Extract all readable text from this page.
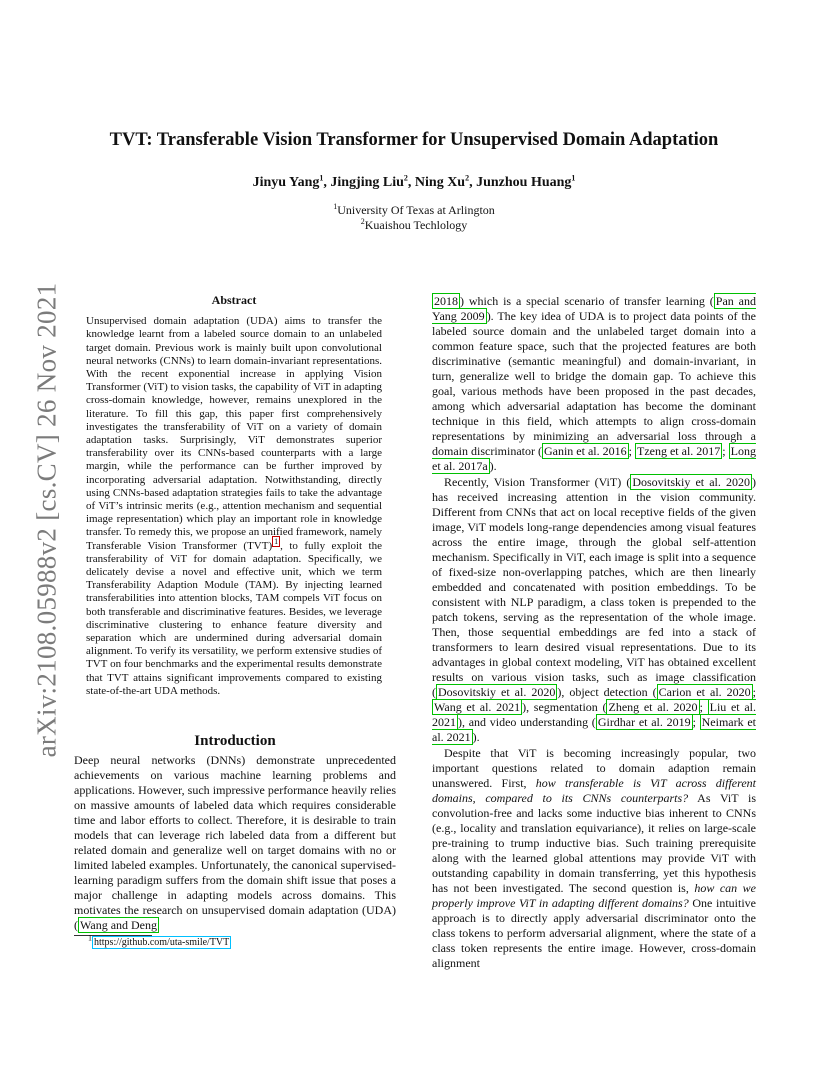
TVT: Transferable Vision Transformer for Unsupervised Domain Adaptation
Jinyu Yang$^1$, Jingjing Liu$^2$, Ning Xu$^2$, Junzhou Huang$^1$
$^1$University Of Texas at Arlington
$^2$Kuaishou Techlology
arXiv:2108.05988v2 [cs.CV] 26 Nov 2021	Abstract

Unsupervised domain adaptation (UDA) aims to transfer the knowledge learnt from a labeled source domain to an unlabeled target domain. Previous work is mainly built upon convolutional neural networks (CNNs) to learn domain-invariant representations. With the recent exponential increase in applying Vision Transformer (ViT) to vision tasks, the capability of ViT in adapting cross-domain knowledge, however, remains unexplored in the literature. To fill this gap, this paper first comprehensively investigates the transferability of ViT on a variety of domain adaptation tasks. Surprisingly, ViT demonstrates superior transferability over its CNNs-based counterparts with a large margin, while the performance can be further improved by incorporating adversarial adaptation. Notwithstanding, directly using CNNs-based adaptation strategies fails to take the advantage of ViT’s intrinsic merits (e.g., attention mechanism and sequential image representation) which play an important role in knowledge transfer. To remedy this, we propose an unified framework, namely Transferable Vision Transformer (TVT) $^1$ , to fully exploit the transferability of ViT for domain adaptation. Specifically, we delicately devise a novel and effective unit, which we term Transferability Adaption Module (TAM). By injecting learned transferabilities into attention blocks, TAM compels ViT focus on both transferable and discriminative features. Besides, we leverage discriminative clustering to enhance feature diversity and separation which are undermined during adversarial domain alignment. To verify its versatility, we perform extensive studies of TVT on four benchmarks and the experimental results demonstrate that TVT attains significant improvements compared to existing state-of-the-art UDA methods.

Introduction

Deep neural networks (DNNs) demonstrate unprecedented achievements on various machine learning problems and applications. However, such impressive performance heavily relies on massive amounts of labeled data which requires considerable time and labor efforts to collect. Therefore, it is desirable to train models that can leverage rich labeled data from a different but related domain and generalize well on target domains with no or limited labeled examples. Unfortunately, the canonical supervised-learning paradigm suffers from the domain shift issue that poses a major challenge in adapting models across domains. This motivates the research on unsupervised domain adaptation (UDA) ( Wang and Deng

$^1$ https://github.com/uta-smile/TVT

2018 ) which is a special scenario of transfer learning ( Pan and Yang 2009 ). The key idea of UDA is to project data points of the labeled source domain and the unlabeled target domain into a common feature space, such that the projected features are both discriminative (semantic meaningful) and domain-invariant, in turn, generalize well to bridge the domain gap. To achieve this goal, various methods have been proposed in the past decades, among which adversarial adaptation has become the dominant technique in this field, which attempts to align cross-domain representations by minimizing an adversarial loss through a domain discriminator ( Ganin et al. 2016 ; Tzeng et al. 2017 ; Long et al. 2017a ).

Recently, Vision Transformer (ViT) ( Dosovitskiy et al. 2020 ) has received increasing attention in the vision community. Different from CNNs that act on local receptive fields of the given image, ViT models long-range dependencies among visual features across the entire image, through the global self-attention mechanism. Specifically in ViT, each image is split into a sequence of fixed-size non-overlapping patches, which are then linearly embedded and concatenated with position embeddings. To be consistent with NLP paradigm, a class token is prepended to the patch tokens, serving as the representation of the whole image. Then, those sequential embeddings are fed into a stack of transformers to learn desired visual representations. Due to its advantages in global context modeling, ViT has obtained excellent results on various vision tasks, such as image classification ( Dosovitskiy et al. 2020 ), object detection ( Carion et al. 2020 ; Wang et al. 2021 ), segmentation ( Zheng et al. 2020 ; Liu et al. 2021 ), and video understanding ( Girdhar et al. 2019 ; Neimark et al. 2021 ).

Despite that ViT is becoming increasingly popular, two important questions related to domain adaption remain unanswered. First, how transferable is ViT across different domains, compared to its CNNs counterparts? As ViT is convolution-free and lacks some inductive bias inherent to CNNs (e.g., locality and translation equivariance), it relies on large-scale pre-training to trump inductive bias. Such training prerequisite along with the learned global attentions may provide ViT with outstanding capability in domain transferring, yet this hypothesis has not been investigated. The second question is, how can we properly improve ViT in adapting different domains? One intuitive approach is to directly apply adversarial discriminator onto the class tokens to perform adversarial alignment, where the state of a class token represents the entire image. However, cross-domain alignment
